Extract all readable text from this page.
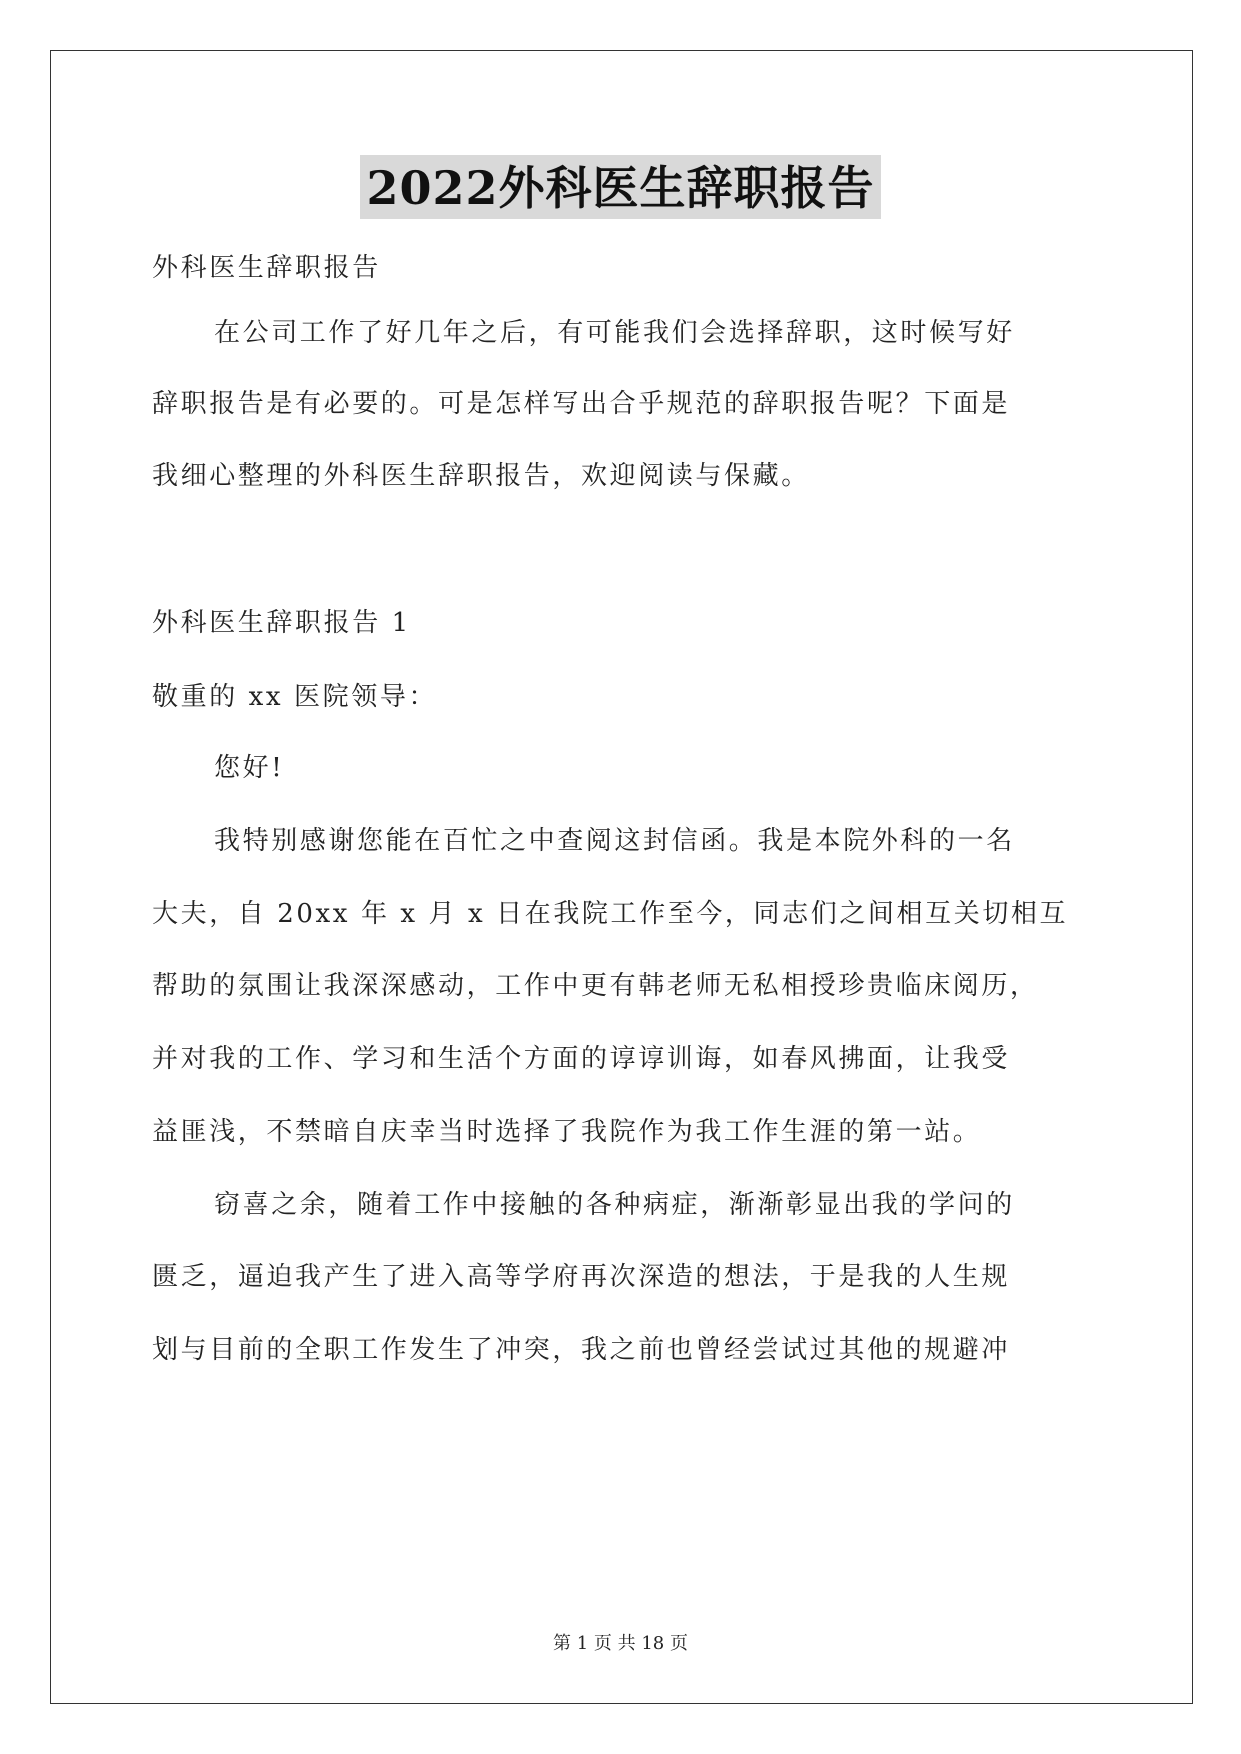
2022外科医生辞职报告
外科医生辞职报告
在公司工作了好几年之后，有可能我们会选择辞职，这时候写好
辞职报告是有必要的。可是怎样写出合乎规范的辞职报告呢？下面是
我细心整理的外科医生辞职报告，欢迎阅读与保藏。
外科医生辞职报告 1
敬重的 xx 医院领导：
您好!
我特别感谢您能在百忙之中查阅这封信函。我是本院外科的一名
大夫，自 20xx 年 x 月 x 日在我院工作至今，同志们之间相互关切相互
帮助的氛围让我深深感动，工作中更有韩老师无私相授珍贵临床阅历，
并对我的工作、学习和生活个方面的谆谆训诲，如春风拂面，让我受
益匪浅，不禁暗自庆幸当时选择了我院作为我工作生涯的第一站。
窃喜之余，随着工作中接触的各种病症，渐渐彰显出我的学问的
匮乏，逼迫我产生了进入高等学府再次深造的想法，于是我的人生规
划与目前的全职工作发生了冲突，我之前也曾经尝试过其他的规避冲
第 1 页 共 18 页
